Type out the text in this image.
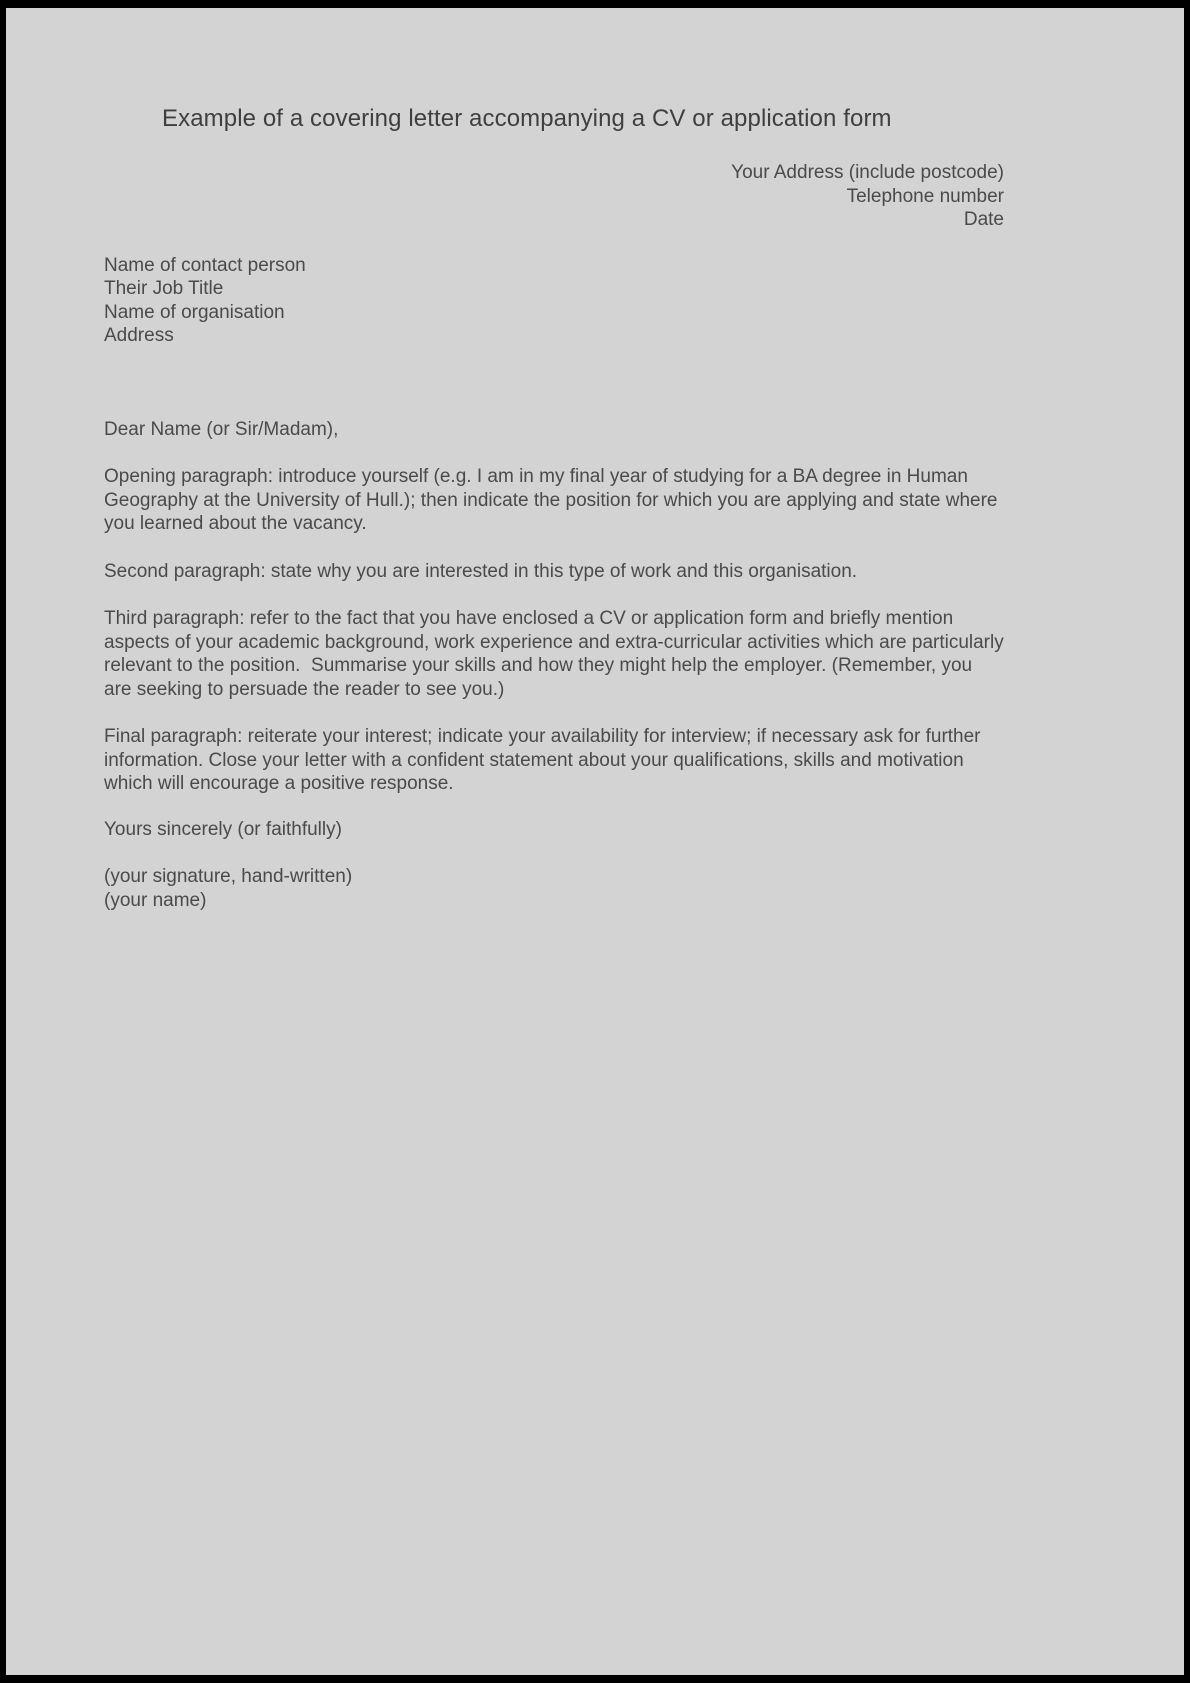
Example of a covering letter accompanying a CV or application form
Your Address (include postcode)
Telephone number
Date
Name of contact person
Their Job Title
Name of organisation
Address
Dear Name (or Sir/Madam),

Opening paragraph: introduce yourself (e.g. I am in my final year of studying for a BA degree in Human Geography at the University of Hull.); then indicate the position for which you are applying and state where you learned about the vacancy.

Second paragraph: state why you are interested in this type of work and this organisation.

Third paragraph: refer to the fact that you have enclosed a CV or application form and briefly mention aspects of your academic background, work experience and extra-curricular activities which are particularly relevant to the position.  Summarise your skills and how they might help the employer. (Remember, you are seeking to persuade the reader to see you.)

Final paragraph: reiterate your interest; indicate your availability for interview; if necessary ask for further information. Close your letter with a confident statement about your qualifications, skills and motivation which will encourage a positive response.

Yours sincerely (or faithfully)
(your signature, hand-written)
(your name)
